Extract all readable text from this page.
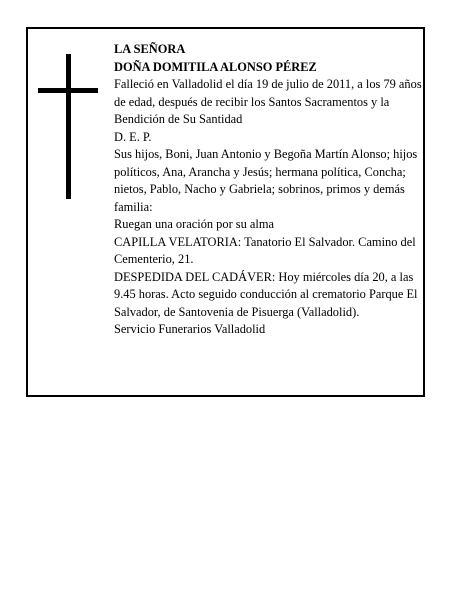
LA SEÑORA

DOÑA DOMITILA ALONSO PÉREZ

Falleció en Valladolid el día 19 de julio de 2011, a los 79 años de edad, después de recibir los Santos Sacramentos y la Bendición de Su Santidad

D. E. P.

Sus hijos, Boni, Juan Antonio y Begoña Martín Alonso; hijos políticos, Ana, Arancha y Jesús; hermana política, Concha; nietos, Pablo, Nacho y Gabriela; sobrinos, primos y demás familia:

Ruegan una oración por su alma

CAPILLA VELATORIA: Tanatorio El Salvador. Camino del Cementerio, 21.

DESPEDIDA DEL CADÁVER: Hoy miércoles día 20, a las 9.45 horas. Acto seguido conducción al crematorio Parque El Salvador, de Santovenia de Pisuerga (Valladolid).

Servicio Funerarios Valladolid
